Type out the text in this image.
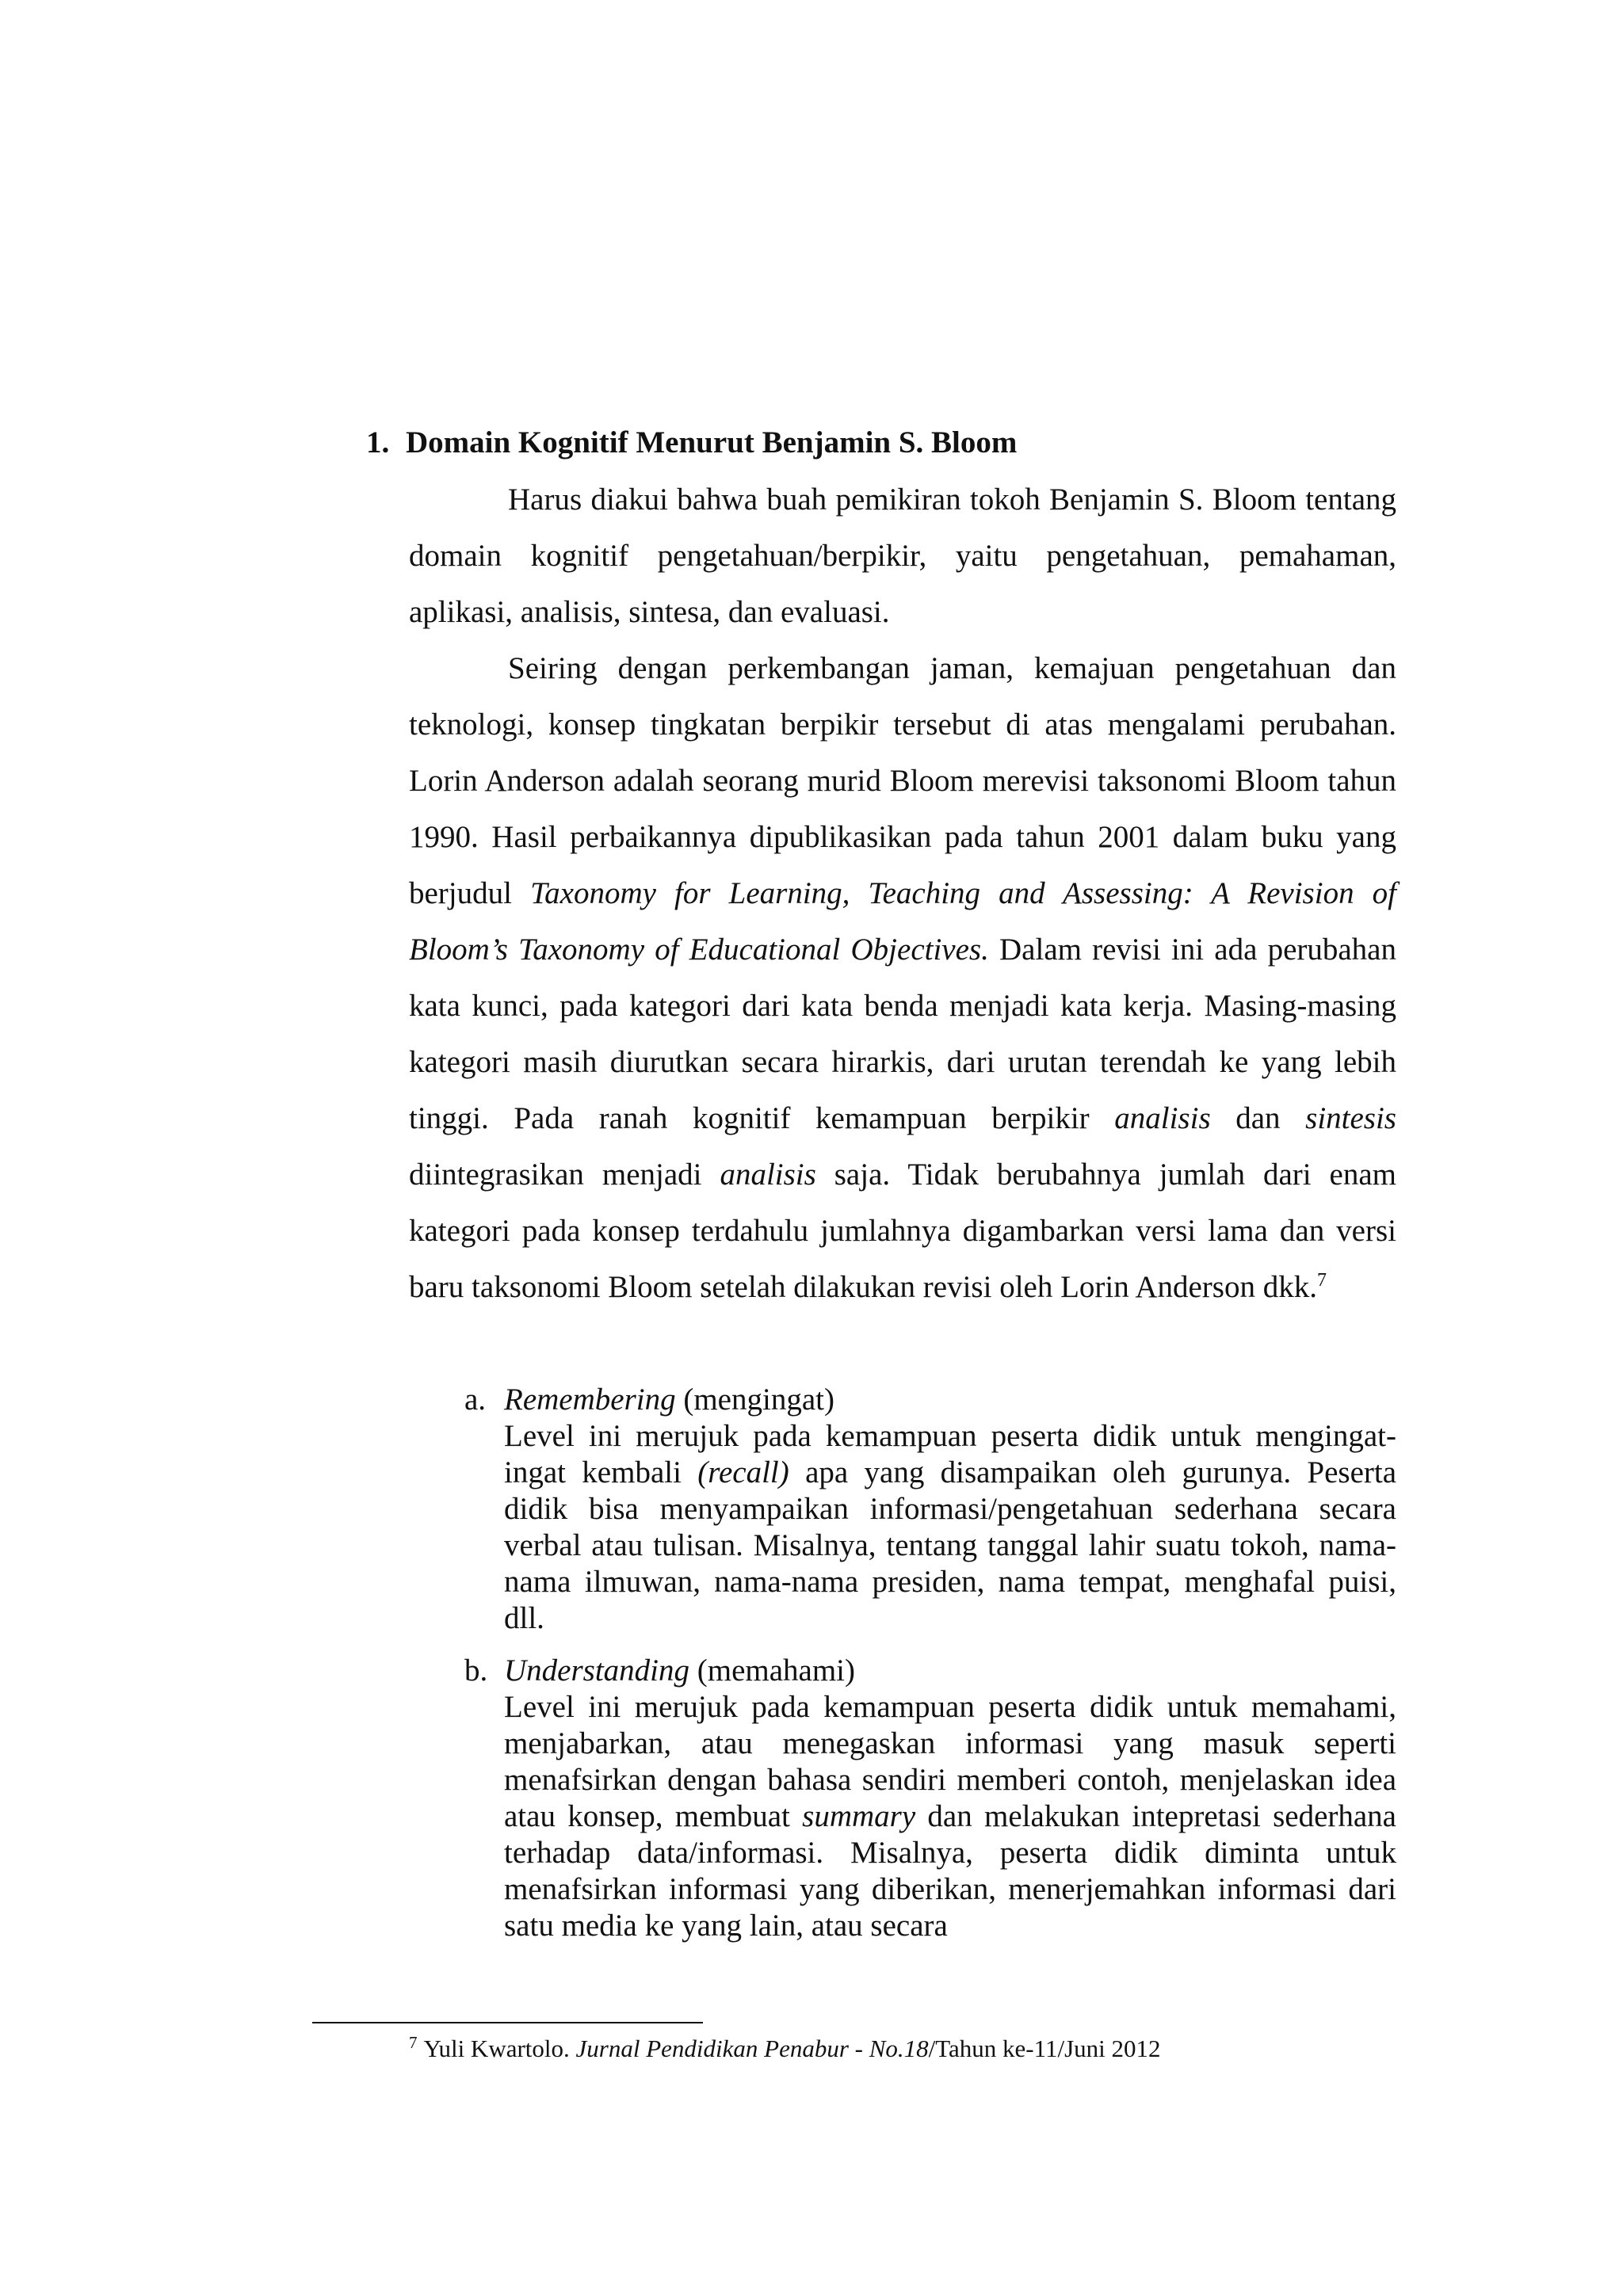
1. Domain Kognitif Menurut Benjamin S. Bloom

Harus diakui bahwa buah pemikiran tokoh Benjamin S. Bloom tentang domain kognitif pengetahuan/berpikir, yaitu pengetahuan, pemahaman, aplikasi, analisis, sintesa, dan evaluasi.

Seiring dengan perkembangan jaman, kemajuan pengetahuan dan teknologi, konsep tingkatan berpikir tersebut di atas mengalami perubahan. Lorin Anderson adalah seorang murid Bloom merevisi taksonomi Bloom tahun 1990. Hasil perbaikannya dipublikasikan pada tahun 2001 dalam buku yang berjudul Taxonomy for Learning, Teaching and Assessing: A Revision of Bloom’s Taxonomy of Educational Objectives. Dalam revisi ini ada perubahan kata kunci, pada kategori dari kata benda menjadi kata kerja. Masing-masing kategori masih diurutkan secara hirarkis, dari urutan terendah ke yang lebih tinggi. Pada ranah kognitif kemampuan berpikir analisis dan sintesis diintegrasikan menjadi analisis saja. Tidak berubahnya jumlah dari enam kategori pada konsep terdahulu jumlahnya digambarkan versi lama dan versi baru taksonomi Bloom setelah dilakukan revisi oleh Lorin Anderson dkk.$^7$

a. Remembering (mengingat)

Level ini merujuk pada kemampuan peserta didik untuk mengingat-ingat kembali (recall) apa yang disampaikan oleh gurunya. Peserta didik bisa menyampaikan informasi/pengetahuan sederhana secara verbal atau tulisan. Misalnya, tentang tanggal lahir suatu tokoh, nama-nama ilmuwan, nama-nama presiden, nama tempat, menghafal puisi, dll.

b. Understanding (memahami)

Level ini merujuk pada kemampuan peserta didik untuk memahami, menjabarkan, atau menegaskan informasi yang masuk seperti menafsirkan dengan bahasa sendiri memberi contoh, menjelaskan idea atau konsep, membuat summary dan melakukan intepretasi sederhana terhadap data/informasi. Misalnya, peserta didik diminta untuk menafsirkan informasi yang diberikan, menerjemahkan informasi dari satu media ke yang lain, atau secara

$^7$ Yuli Kwartolo. Jurnal Pendidikan Penabur - No.18/Tahun ke-11/Juni 2012
